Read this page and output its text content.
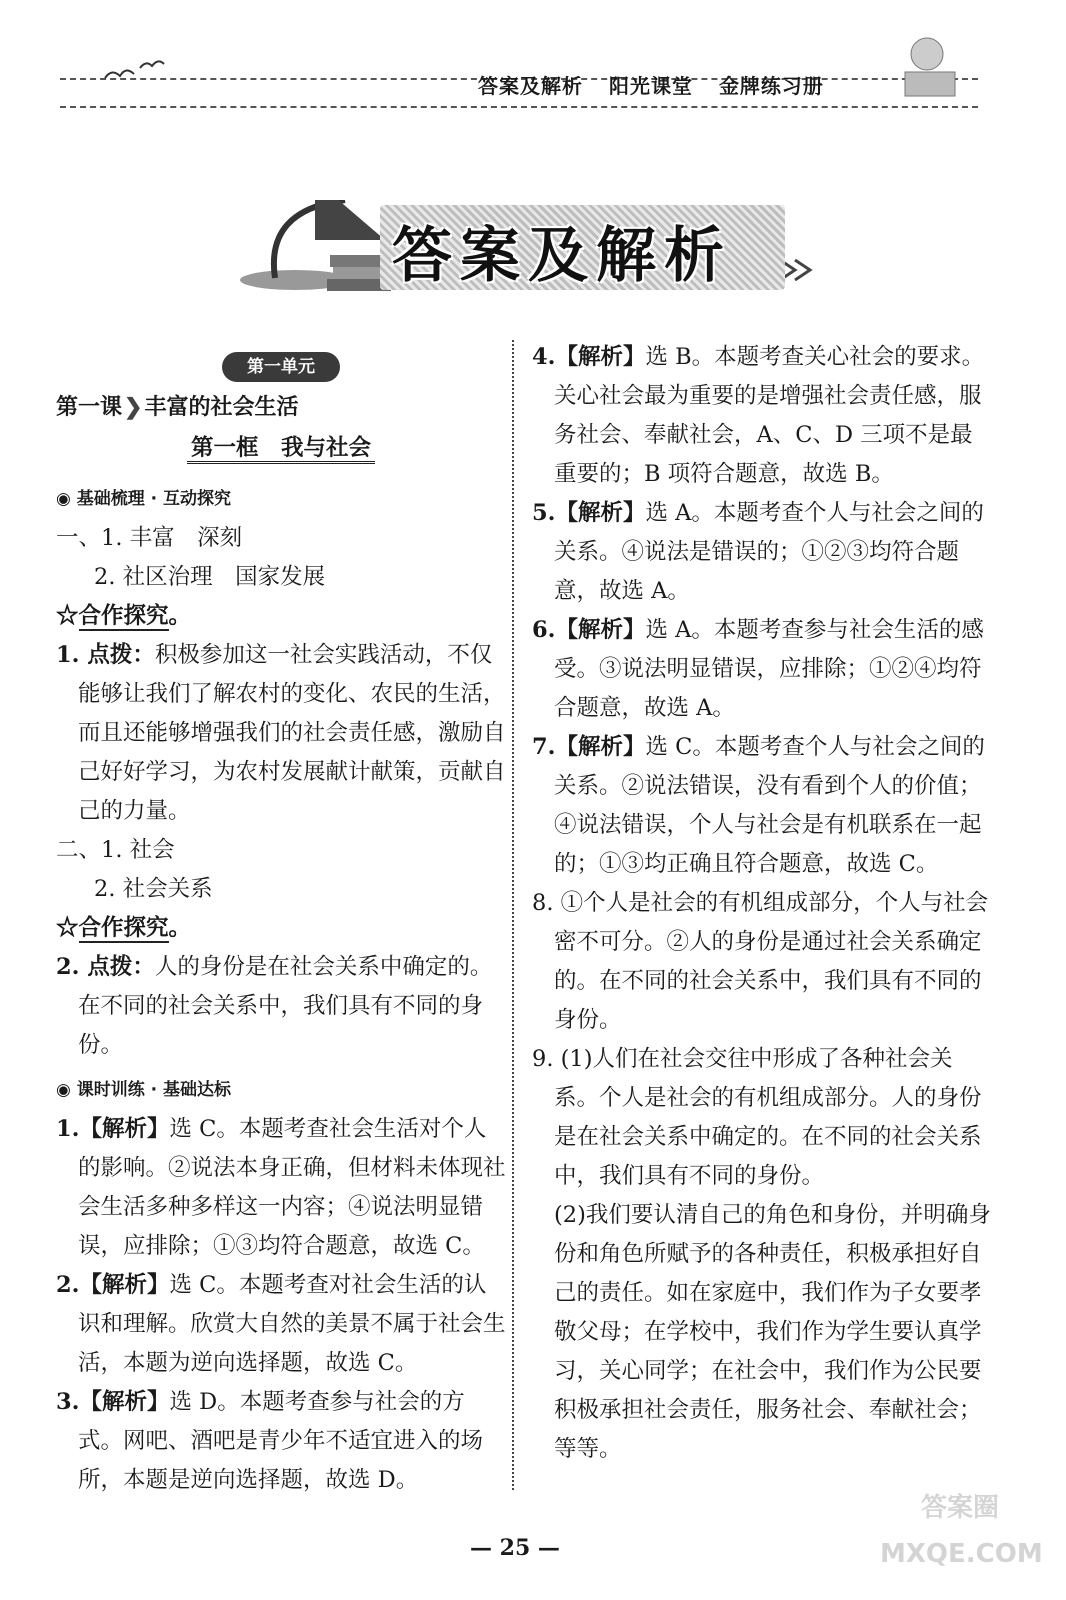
答案及解析 阳光课堂 金牌练习册
答案及解析
第一单元

第一课❯丰富的社会生活

第一框　我与社会

◉ 基础梳理 · 互动探究

一、1. 丰富　深刻

2. 社区治理　国家发展

☆合作探究。

1. 点拨：积极参加这一社会实践活动，不仅能够让我们了解农村的变化、农民的生活，而且还能够增强我们的社会责任感，激励自己好好学习，为农村发展献计献策，贡献自己的力量。

二、1. 社会

2. 社会关系

☆合作探究。

2. 点拨：人的身份是在社会关系中确定的。在不同的社会关系中，我们具有不同的身份。

◉ 课时训练 · 基础达标

1.【解析】选 C。本题考查社会生活对个人的影响。②说法本身正确，但材料未体现社会生活多种多样这一内容；④说法明显错误，应排除；①③均符合题意，故选 C。

2.【解析】选 C。本题考查对社会生活的认识和理解。欣赏大自然的美景不属于社会生活，本题为逆向选择题，故选 C。

3.【解析】选 D。本题考查参与社会的方式。网吧、酒吧是青少年不适宜进入的场所，本题是逆向选择题，故选 D。

4.【解析】选 B。本题考查关心社会的要求。关心社会最为重要的是增强社会责任感，服务社会、奉献社会，A、C、D 三项不是最重要的；B 项符合题意，故选 B。

5.【解析】选 A。本题考查个人与社会之间的关系。④说法是错误的；①②③均符合题意，故选 A。

6.【解析】选 A。本题考查参与社会生活的感受。③说法明显错误，应排除；①②④均符合题意，故选 A。

7.【解析】选 C。本题考查个人与社会之间的关系。②说法错误，没有看到个人的价值；④说法错误，个人与社会是有机联系在一起的；①③均正确且符合题意，故选 C。

8. ①个人是社会的有机组成部分，个人与社会密不可分。②人的身份是通过社会关系确定的。在不同的社会关系中，我们具有不同的身份。

9. (1)人们在社会交往中形成了各种社会关系。个人是社会的有机组成部分。人的身份是在社会关系中确定的。在不同的社会关系中，我们具有不同的身份。

(2)我们要认清自己的角色和身份，并明确身份和角色所赋予的各种责任，积极承担好自己的责任。如在家庭中，我们作为子女要孝敬父母；在学校中，我们作为学生要认真学习，关心同学；在社会中，我们作为公民要积极承担社会责任，服务社会、奉献社会；等等。

— 25 —
答案圈
MXQE.COM
